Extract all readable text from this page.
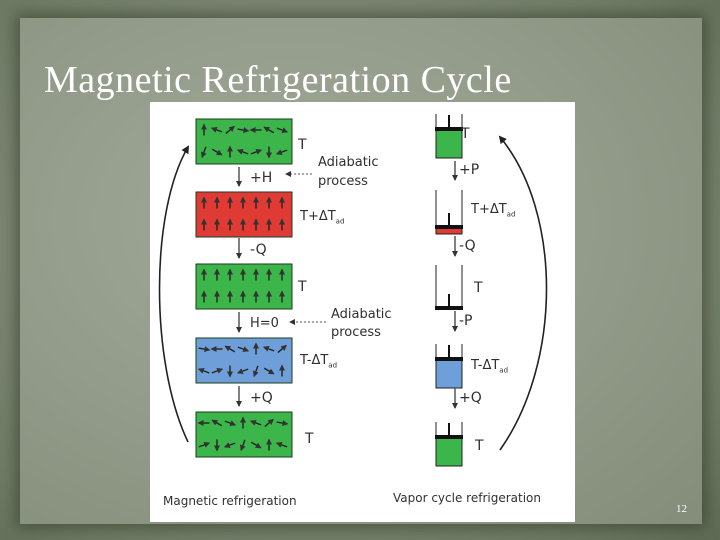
Magnetic Refrigeration Cycle
T
$T+\Delta T_{ad}$
T
$T-\Delta T_{ad}$
T
+H
-Q
H=0
+Q
Adiabatic
process
Adiabatic
process
T
$T+\Delta T_{ad}$
T
$T-\Delta T_{ad}$
T
+P
-Q
-P
+Q
Magnetic refrigeration	Vapor cycle refrigeration
12
